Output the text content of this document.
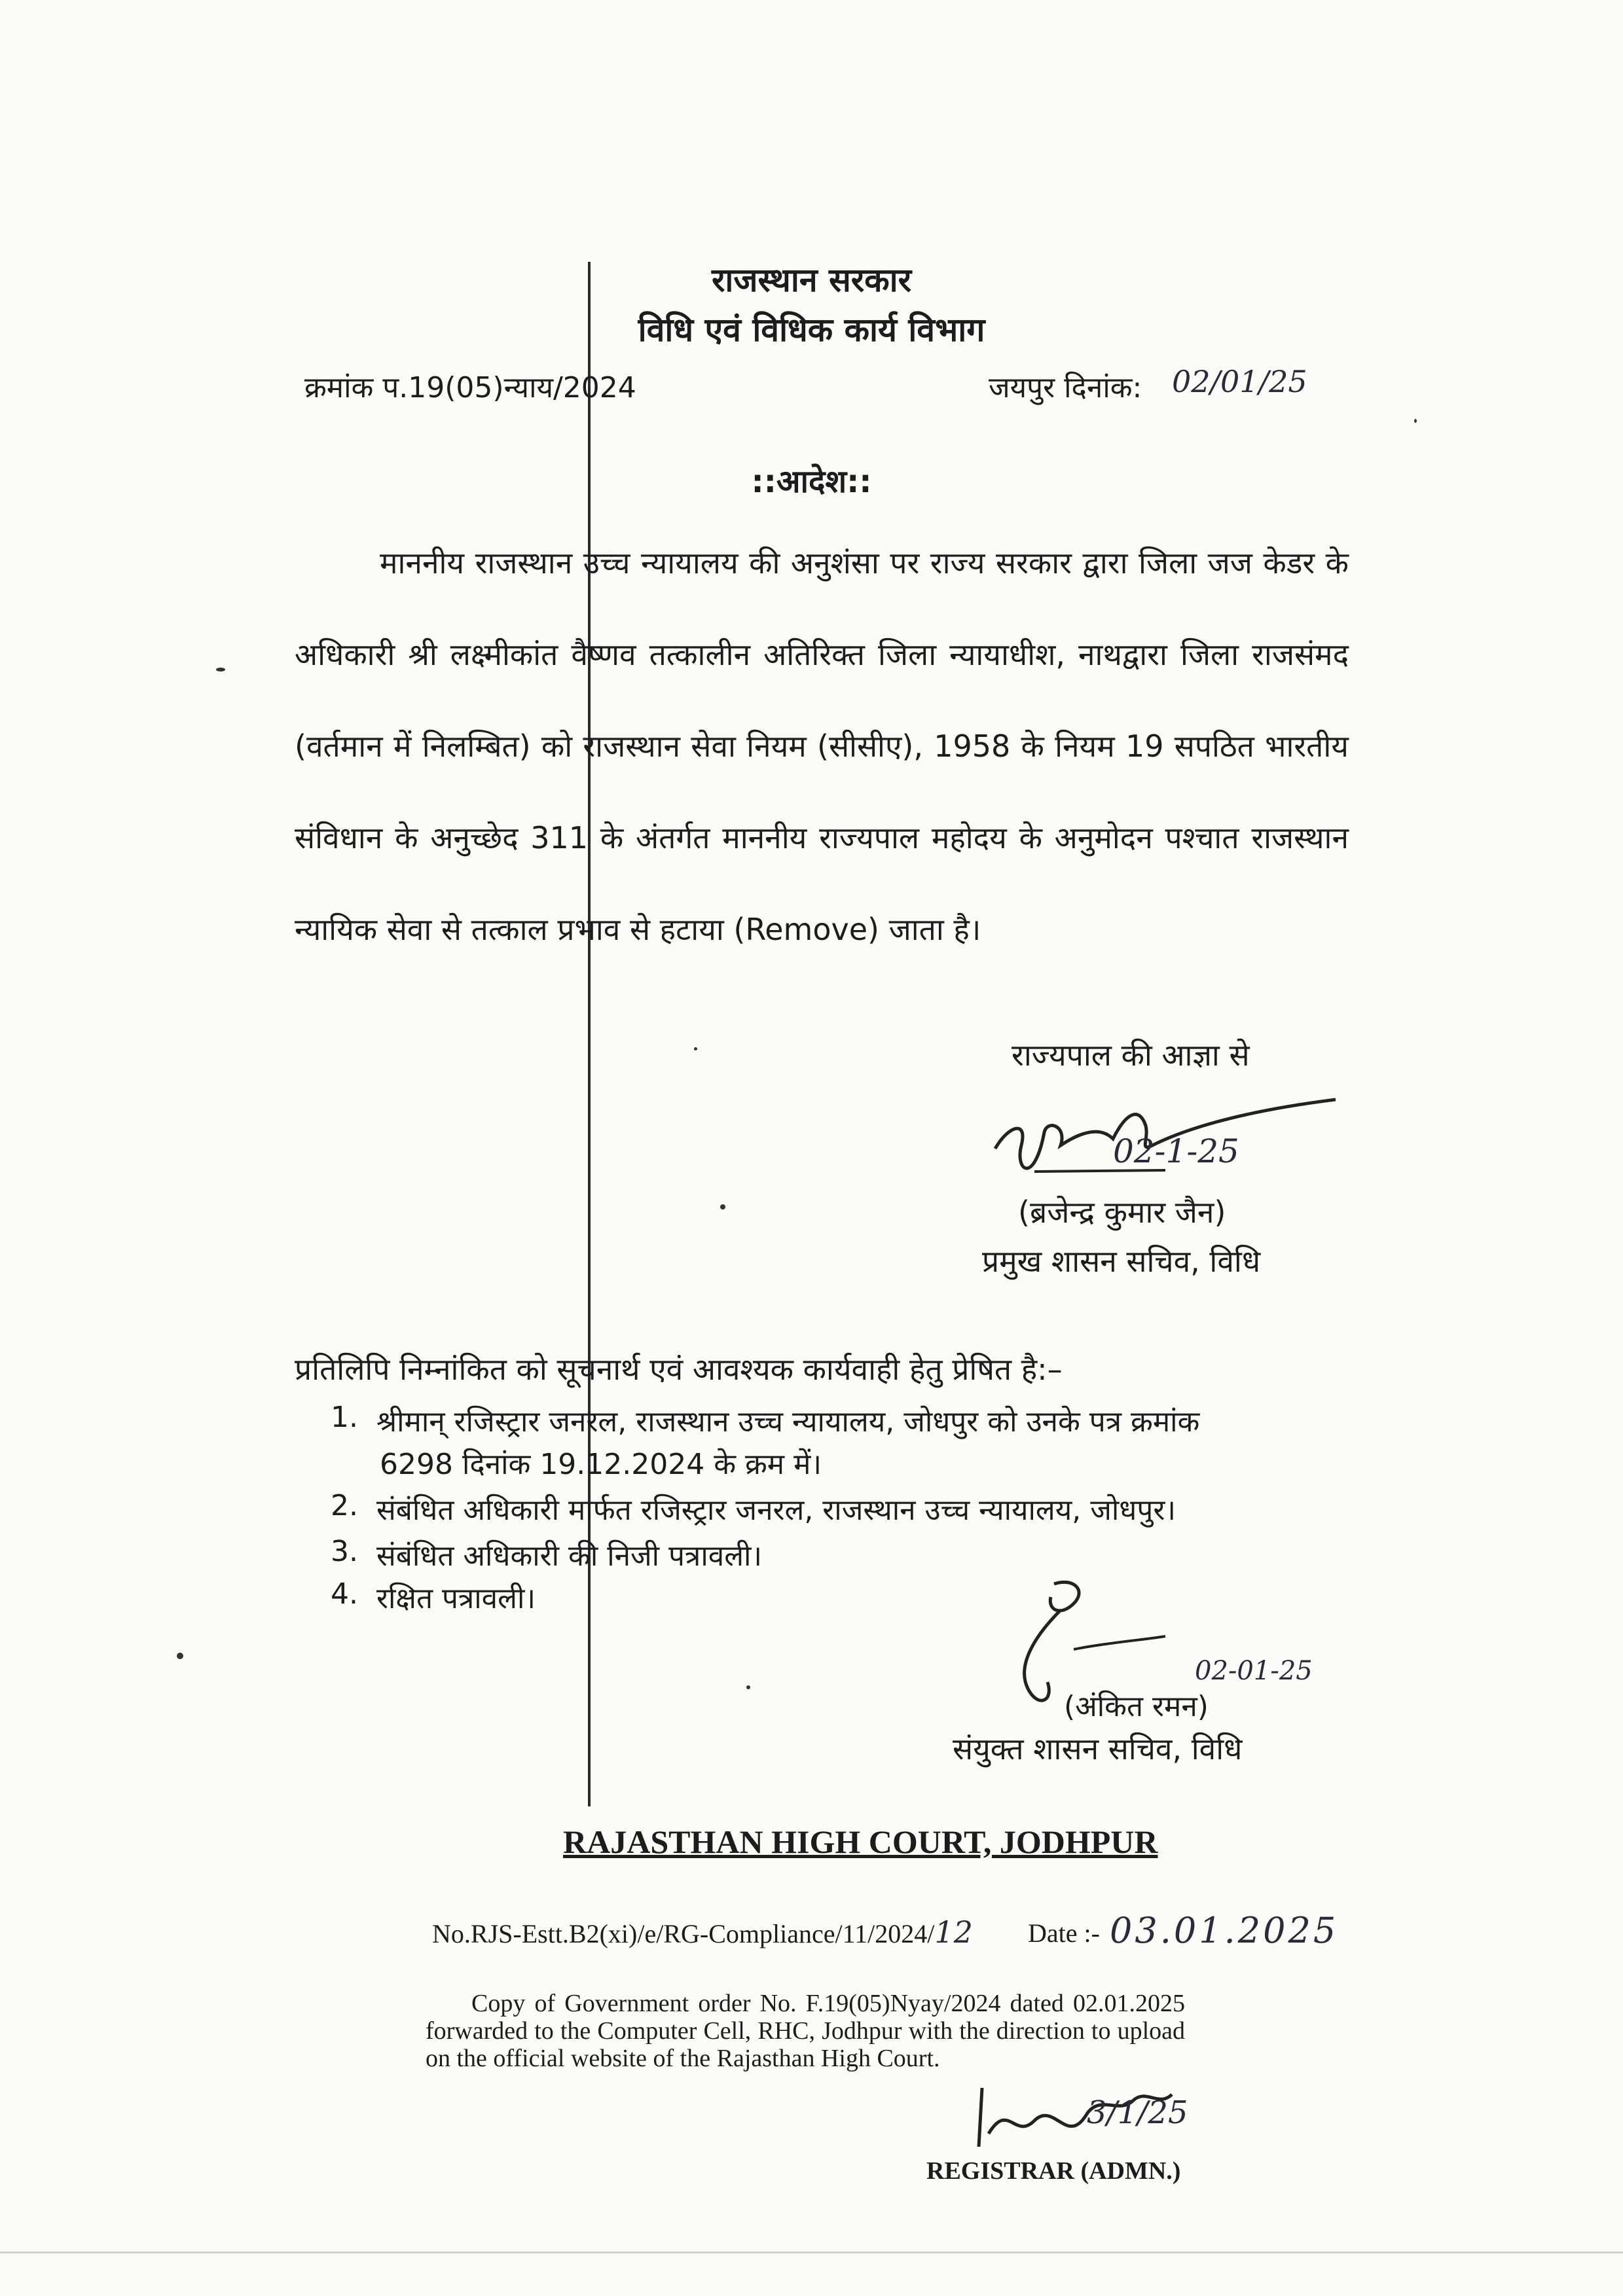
राजस्थान सरकार
विधि एवं विधिक कार्य विभाग
क्रमांक प.19(05)न्याय/2024	जयपुर दिनांक: 02/01/25
::आदेश::

माननीय राजस्थान उच्च न्यायालय की अनुशंसा पर राज्य सरकार द्वारा जिला जज केडर के अधिकारी श्री लक्ष्मीकांत वैष्णव तत्कालीन अतिरिक्त जिला न्यायाधीश, नाथद्वारा जिला राजसंमद (वर्तमान में निलम्बित) को राजस्थान सेवा नियम (सीसीए), 1958 के नियम 19 सपठित भारतीय संविधान के अनुच्छेद 311 के अंतर्गत माननीय राज्यपाल महोदय के अनुमोदन पश्चात राजस्थान न्यायिक सेवा से तत्काल प्रभाव से हटाया (Remove) जाता है।

राज्यपाल की आज्ञा से
02-1-25
(ब्रजेन्द्र कुमार जैन)
प्रमुख शासन सचिव, विधि
प्रतिलिपि निम्नांकित को सूचनार्थ एवं आवश्यक कार्यवाही हेतु प्रेषित है:–
1. श्रीमान् रजिस्ट्रार जनरल, राजस्थान उच्च न्यायालय, जोधपुर को उनके पत्र क्रमांक
6298 दिनांक 19.12.2024 के क्रम में।
2. संबंधित अधिकारी मार्फत रजिस्ट्रार जनरल, राजस्थान उच्च न्यायालय, जोधपुर।
3. संबंधित अधिकारी की निजी पत्रावली।
4. रक्षित पत्रावली।
02-01-25
(अंकित रमन)
संयुक्त शासन सचिव, विधि
RAJASTHAN HIGH COURT, JODHPUR
No.RJS-Estt.B2(xi)/e/RG-Compliance/11/2024/12 Date :- 03.01.2025
Copy of Government order No. F.19(05)Nyay/2024 dated 02.01.2025 forwarded to the Computer Cell, RHC, Jodhpur with the direction to upload on the official website of the Rajasthan High Court.
3/1/25
REGISTRAR (ADMN.)
